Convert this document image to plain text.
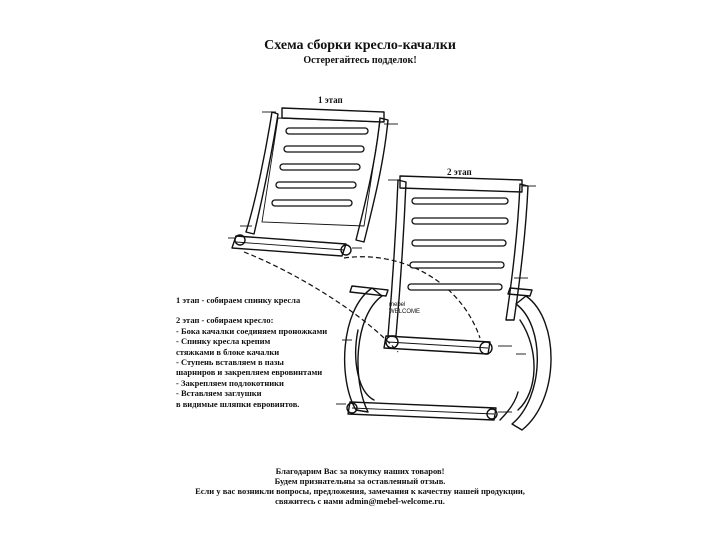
Схема сборки кресло-качалки
Остерегайтесь подделок!
1 этап
2 этап
mebel
WELCOME
1 этап - собираем спинку кресла
2 этап - собираем кресло:
- Бока качалки соединяем проножками
- Спинку кресла крепим
стяжками в блоке качалки
- Ступень вставляем в пазы
шарниров и закрепляем евровинтами
- Закрепляем подлокотники
- Вставляем заглушки
в видимые шляпки евровинтов.
Благодарим Вас за покупку наших товаров!
Будем признательны за оставленный отзыв.
Если у вас возникли вопросы, предложения, замечания к качеству нашей продукции,
свяжитесь с нами admin@mebel-welcome.ru.
